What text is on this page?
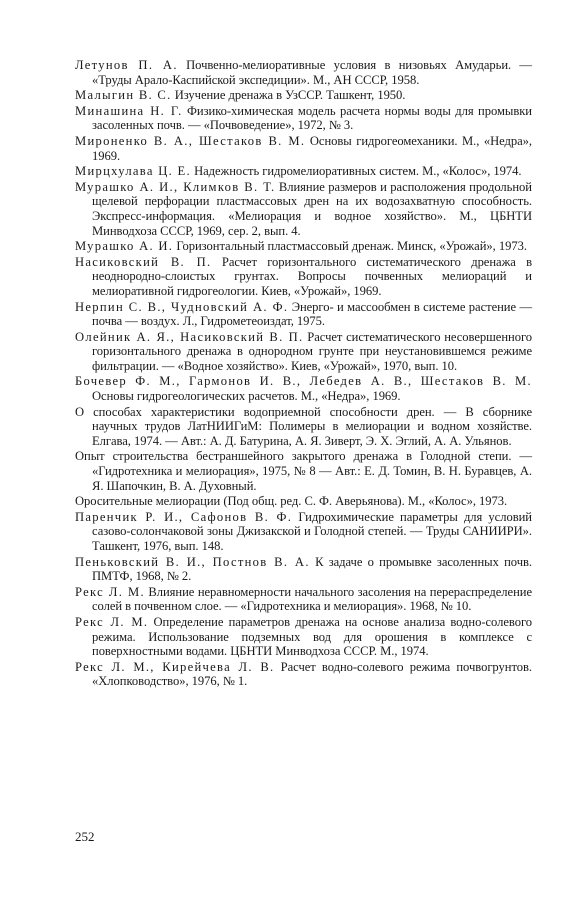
Летунов П. А. Почвенно-мелиоративные условия в низовьях Амударьи. — «Труды Арало-Каспийской экспедиции». М., АН СССР, 1958.

Малыгин В. С. Изучение дренажа в УзССР. Ташкент, 1950.

Минашина Н. Г. Физико-химическая модель расчета нормы воды для промывки засоленных почв. — «Почвоведение», 1972, № 3.

Мироненко В. А., Шестаков В. М. Основы гидрогеомеханики. М., «Недра», 1969.

Мирцхулава Ц. Е. Надежность гидромелиоративных систем. М., «Колос», 1974.

Мурашко А. И., Климков В. Т. Влияние размеров и расположения продольной щелевой перфорации пластмассовых дрен на их водозахватную способность. Экспресс-информация. «Мелиорация и водное хозяйство». М., ЦБНТИ Минводхоза СССР, 1969, сер. 2, вып. 4.

Мурашко А. И. Горизонтальный пластмассовый дренаж. Минск, «Урожай», 1973.

Насиковский В. П. Расчет горизонтального систематического дренажа в неоднородно-слоистых грунтах. Вопросы почвенных мелиораций и мелиоративной гидрогеологии. Киев, «Урожай», 1969.

Нерпин С. В., Чудновский А. Ф. Энерго- и массообмен в системе растение — почва — воздух. Л., Гидрометеоиздат, 1975.

Олейник А. Я., Насиковский В. П. Расчет систематического несовершенного горизонтального дренажа в однородном грунте при неустановившемся режиме фильтрации. — «Водное хозяйство». Киев, «Урожай», 1970, вып. 10.

Бочевер Ф. М., Гармонов И. В., Лебедев А. В., Шестаков В. М. Основы гидрогеологических расчетов. М., «Недра», 1969.

О способах характеристики водоприемной способности дрен. — В сборнике научных трудов ЛатНИИГиМ: Полимеры в мелиорации и водном хозяйстве. Елгава, 1974. — Авт.: А. Д. Батурина, А. Я. Зиверт, Э. Х. Эглий, А. А. Ульянов.

Опыт строительства бестраншейного закрытого дренажа в Голодной степи. — «Гидротехника и мелиорация», 1975, № 8 — Авт.: Е. Д. Томин, В. Н. Буравцев, А. Я. Шапочкин, В. А. Духовный.

Оросительные мелиорации (Под общ. ред. С. Ф. Аверьянова). М., «Колос», 1973.

Паренчик Р. И., Сафонов В. Ф. Гидрохимические параметры для условий сазово-солончаковой зоны Джизакской и Голодной степей. — Труды САНИИРИ». Ташкент, 1976, вып. 148.

Пеньковский В. И., Постнов В. А. К задаче о промывке засоленных почв. ПМТФ, 1968, № 2.

Рекс Л. М. Влияние неравномерности начального засоления на перераспределение солей в почвенном слое. — «Гидротехника и мелиорация». 1968, № 10.

Рекс Л. М. Определение параметров дренажа на основе анализа водно-солевого режима. Использование подземных вод для орошения в комплексе с поверхностными водами. ЦБНТИ Минводхоза СССР. М., 1974.

Рекс Л. М., Кирейчева Л. В. Расчет водно-солевого режима почвогрунтов. «Хлопководство», 1976, № 1.

252
